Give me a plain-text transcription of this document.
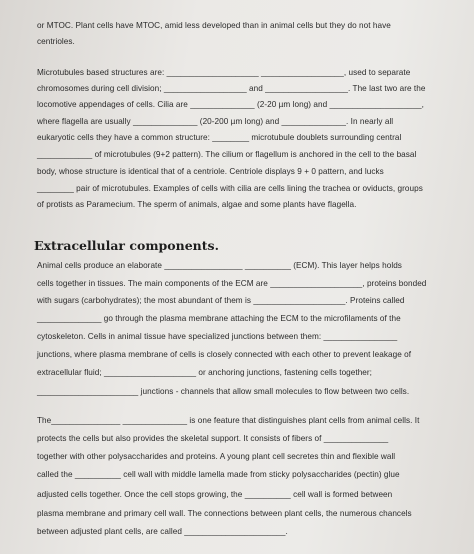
or MTOC. Plant cells have MTOC, amid less developed than in animal cells but they do not have
centrioles.
Microtubules based structures are: ____________________ __________________, used to separate
chromosomes during cell division; __________________ and __________________. The last two are the
locomotive appendages of cells. Cilia are ______________ (2-20 µm long) and ____________________,
where flagella are usually ______________ (20-200 µm long) and ______________. In nearly all
eukaryotic cells they have a common structure: ________ microtubule doublets surrounding central
____________ of microtubules (9+2 pattern). The cilium or flagellum is anchored in the cell to the basal
body, whose structure is identical that of a centriole. Centriole displays 9 + 0 pattern, and lucks
________ pair of microtubules. Examples of cells with cilia are cells lining the trachea or oviducts, groups
of protists as Paramecium. The sperm of animals, algae and some plants have flagella.
Extracellular components.
Animal cells produce an elaborate _________________ __________ (ECM). This layer helps holds
cells together in tissues. The main components of the ECM are ____________________, proteins bonded
with sugars (carbohydrates); the most abundant of them is ____________________. Proteins called
______________ go through the plasma membrane attaching the ECM to the microfilaments of the
cytoskeleton. Cells in animal tissue have specialized junctions between them: ________________
junctions, where plasma membrane of cells is closely connected with each other to prevent leakage of
extracellular fluid; ____________________ or anchoring junctions, fastening cells together;
______________________ junctions - channels that allow small molecules to flow between two cells.
The_______________ ______________ is one feature that distinguishes plant cells from animal cells. It
protects the cells but also provides the skeletal support. It consists of fibers of ______________
together with other polysaccharides and proteins. A young plant cell secretes thin and flexible wall
called the __________ cell wall with middle lamella made from sticky polysaccharides (pectin) glue
adjusted cells together. Once the cell stops growing, the __________ cell wall is formed between
plasma membrane and primary cell wall. The connections between plant cells, the numerous chancels
between adjusted plant cells, are called ______________________.
